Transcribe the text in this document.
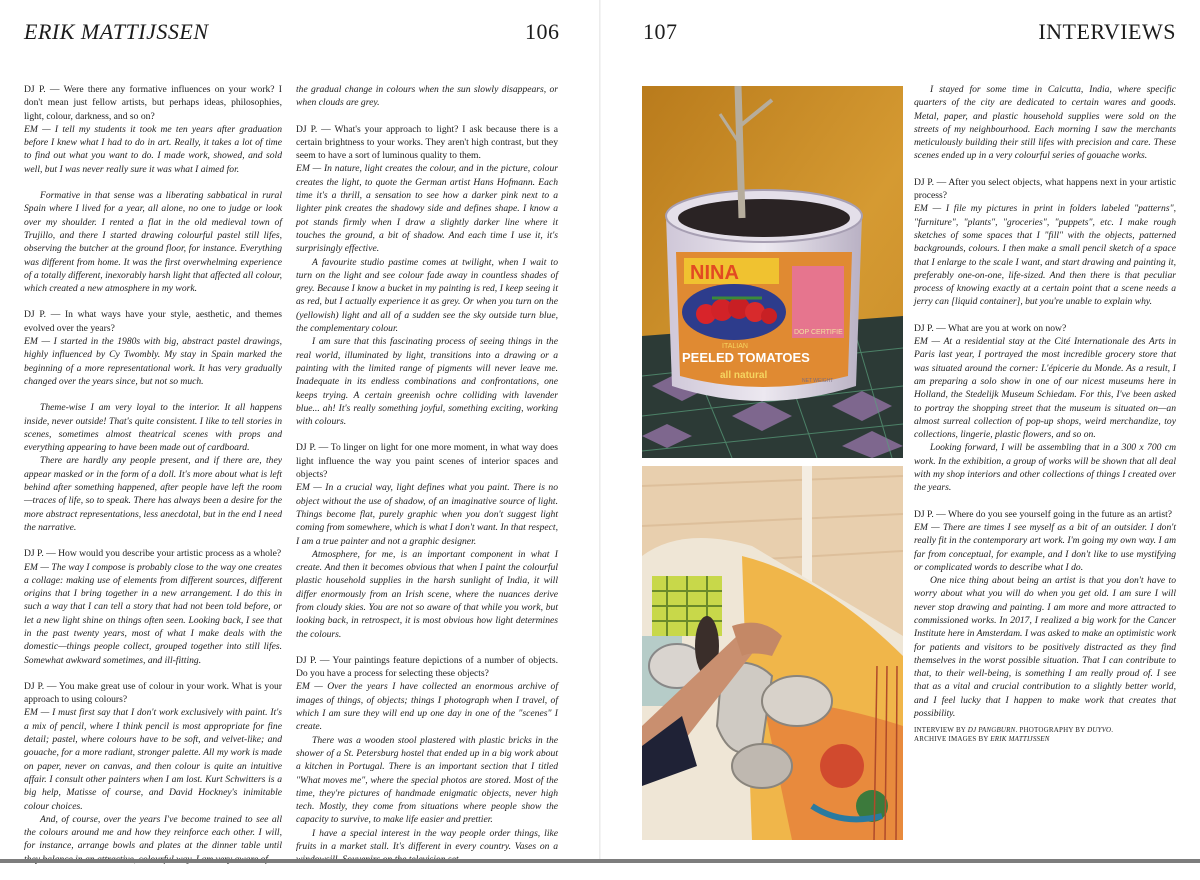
ERIK MATTIJSSEN	106	107	INTERVIEWS

DJ P. — Were there any formative influences on your work? I don't mean just fellow artists, but perhaps ideas, philosophies, light, colour, darkness, and so on?
EM — I tell my students it took me ten years after graduation before I knew what I had to do in art. Really, it takes a lot of time to find out what you want to do. I made work, showed, and sold well, but I was never really sure it was what I aimed for.

Formative in that sense was a liberating sabbatical in rural Spain where I lived for a year, all alone, no one to judge or look over my shoulder. I rented a flat in the old medieval town of Trujillo, and there I started drawing colourful pastel still lifes, observing the butcher at the ground floor, for instance. Everything was different from home. It was the first overwhelming experience of a totally different, inexorably harsh light that affected all colour, which created a new atmosphere in my work.

DJ P. — In what ways have your style, aesthetic, and themes evolved over the years?
EM — I started in the 1980s with big, abstract pastel drawings, highly influenced by Cy Twombly. My stay in Spain marked the beginning of a more representational work. It has very gradually changed over the years since, but not so much.

Theme-wise I am very loyal to the interior. It all happens inside, never outside! That's quite consistent. I like to tell stories in scenes, sometimes almost theatrical scenes with props and everything appearing to have been made out of cardboard.

There are hardly any people present, and if there are, they appear masked or in the form of a doll. It's more about what is left behind after something happened, after people have left the room—traces of life, so to speak. There has always been a desire for the more abstract representations, less anecdotal, but in the end I need the narrative.

DJ P. — How would you describe your artistic process as a whole?
EM — The way I compose is probably close to the way one creates a collage: making use of elements from different sources, different origins that I bring together in a new arrangement. I do this in such a way that I can tell a story that had not been told before, or let a new light shine on things often seen. Looking back, I see that in the past twenty years, most of what I make deals with the domestic—things people collect, grouped together into still lifes. Somewhat awkward sometimes, and ill-fitting.

DJ P. — You make great use of colour in your work. What is your approach to using colours?
EM — I must first say that I don't work exclusively with paint. It's a mix of pencil, where I think pencil is most appropriate for fine detail; pastel, where colours have to be soft, and velvet-like; and gouache, for a more radiant, stronger palette. All my work is made on paper, never on canvas, and then colour is quite an intuitive affair. I consult other painters when I am lost. Kurt Schwitters is a big help, Matisse of course, and David Hockney's inimitable colour choices.

And, of course, over the years I've become trained to see all the colours around me and how they reinforce each other. I will, for instance, arrange bowls and plates at the dinner table until

the gradual change in colours when the sun slowly disappears, or when clouds are grey.

DJ P. — What's your approach to light? I ask because there is a certain brightness to your works. They aren't high contrast, but they seem to have a sort of luminous quality to them.
EM — In nature, light creates the colour, and in the picture, colour creates the light, to quote the German artist Hans Hofmann. Each time it's a thrill, a sensation to see how a darker pink next to a lighter pink creates the shadowy side and defines shape. I know a pot stands firmly when I draw a slightly darker line where it touches the ground, a bit of shadow. And each time I use it, it's surprisingly effective.

A favourite studio pastime comes at twilight, when I wait to turn on the light and see colour fade away in countless shades of grey. Because I know a bucket in my painting is red, I keep seeing it as red, but I actually experience it as grey. Or when you turn on the (yellowish) light and all of a sudden see the sky outside turn blue, the complementary colour.

I am sure that this fascinating process of seeing things in the real world, illuminated by light, transitions into a drawing or a painting with the limited range of pigments will never leave me. Inadequate in its endless combinations and confrontations, one keeps trying. A certain greenish ochre colliding with lavender blue... ah! It's really something joyful, something exciting, working with colours.

DJ P. — To linger on light for one more moment, in what way does light influence the way you paint scenes of interior spaces and objects?
EM — In a crucial way, light defines what you paint. There is no object without the use of shadow, of an imaginative source of light. Things become flat, purely graphic when you don't suggest light coming from somewhere, which is what I don't want. In that respect, I am a true painter and not a graphic designer.

Atmosphere, for me, is an important component in what I create. And then it becomes obvious that when I paint the colourful plastic household supplies in the harsh sunlight of India, it will differ enormously from an Irish scene, where the nuances derive from cloudy skies. You are not so aware of that while you work, but looking back, in retrospect, it is most obvious how light determines the colours.

DJ P. — Your paintings feature depictions of a number of objects. Do you have a process for selecting these objects?
EM — Over the years I have collected an enormous archive of images of things, of objects; things I photograph when I travel, of which I am sure they will end up one day in one of the "scenes" I create.

There was a wooden stool plastered with plastic bricks in the shower of a St. Petersburg hostel that ended up in a big work about a kitchen in Portugal. There is an important section that I titled "What moves me", where the special photos are stored. Most of the time, they're pictures of handmade enigmatic objects, never high tech. Mostly, they come from situations where people show the capacity to survive, to make life easier and prettier.

I have a special interest in the way people order things, like fruits in a market stall. It's different in every country. Vases on a

NINA
DOP CERTIFIE
ITALIAN
PEELED TOMATOES
all natural	NET WEIGHT

I stayed for some time in Calcutta, India, where specific quarters of the city are dedicated to certain wares and goods. Metal, paper, and plastic household supplies were sold on the streets of my neighbourhood. Each morning I saw the merchants meticulously building their still lifes with precision and care. These scenes ended up in a very colourful series of gouache works.

DJ P. — After you select objects, what happens next in your artistic process?
EM — I file my pictures in print in folders labeled "patterns", "furniture", "plants", "groceries", "puppets", etc. I make rough sketches of some spaces that I "fill" with the objects, patterned backgrounds, colours. I then make a small pencil sketch of a space that I enlarge to the scale I want, and start drawing and painting it, preferably one-on-one, life-sized. And then there is that peculiar process of knowing exactly at a certain point that a scene needs a jerry can [liquid container], but you're unable to explain why.

DJ P. — What are you at work on now?
EM — At a residential stay at the Cité Internationale des Arts in Paris last year, I portrayed the most incredible grocery store that was situated around the corner: L'épicerie du Monde. As a result, I am preparing a solo show in one of our nicest museums here in Holland, the Stedelijk Museum Schiedam. For this, I've been asked to portray the shopping street that the museum is situated on—an almost surreal collection of pop-up shops, weird merchandize, toy collections, lingerie, plastic flowers, and so on.

Looking forward, I will be assembling that in a 300 x 700 cm work. In the exhibition, a group of works will be shown that all deal with my shop interiors and other collections of things I created over the years.

DJ P. — Where do you see yourself going in the future as an artist?
EM — There are times I see myself as a bit of an outsider. I don't really fit in the contemporary art work. I'm going my own way. I am far from conceptual, for example, and I don't like to use mystifying or complicated words to describe what I do.

One nice thing about being an artist is that you don't have to worry about what you will do when you get old. I am sure I will never stop drawing and painting. I am more and more attracted to commissioned works. In 2017, I realized a big work for the Cancer Institute here in Amsterdam. I was asked to make an optimistic work for patients and visitors to be positively distracted as they find themselves in the worst possible situation. That I can contribute to that, to their well-being, is something I am really proud of. I see that as a vital and crucial contribution to a slightly better world, and I feel lucky that I happen to make work that creates that possibility.

INTERVIEW BY DJ PANGBURN. PHOTOGRAPHY BY DUYVO.
ARCHIVE IMAGES BY ERIK MATTIJSSEN
